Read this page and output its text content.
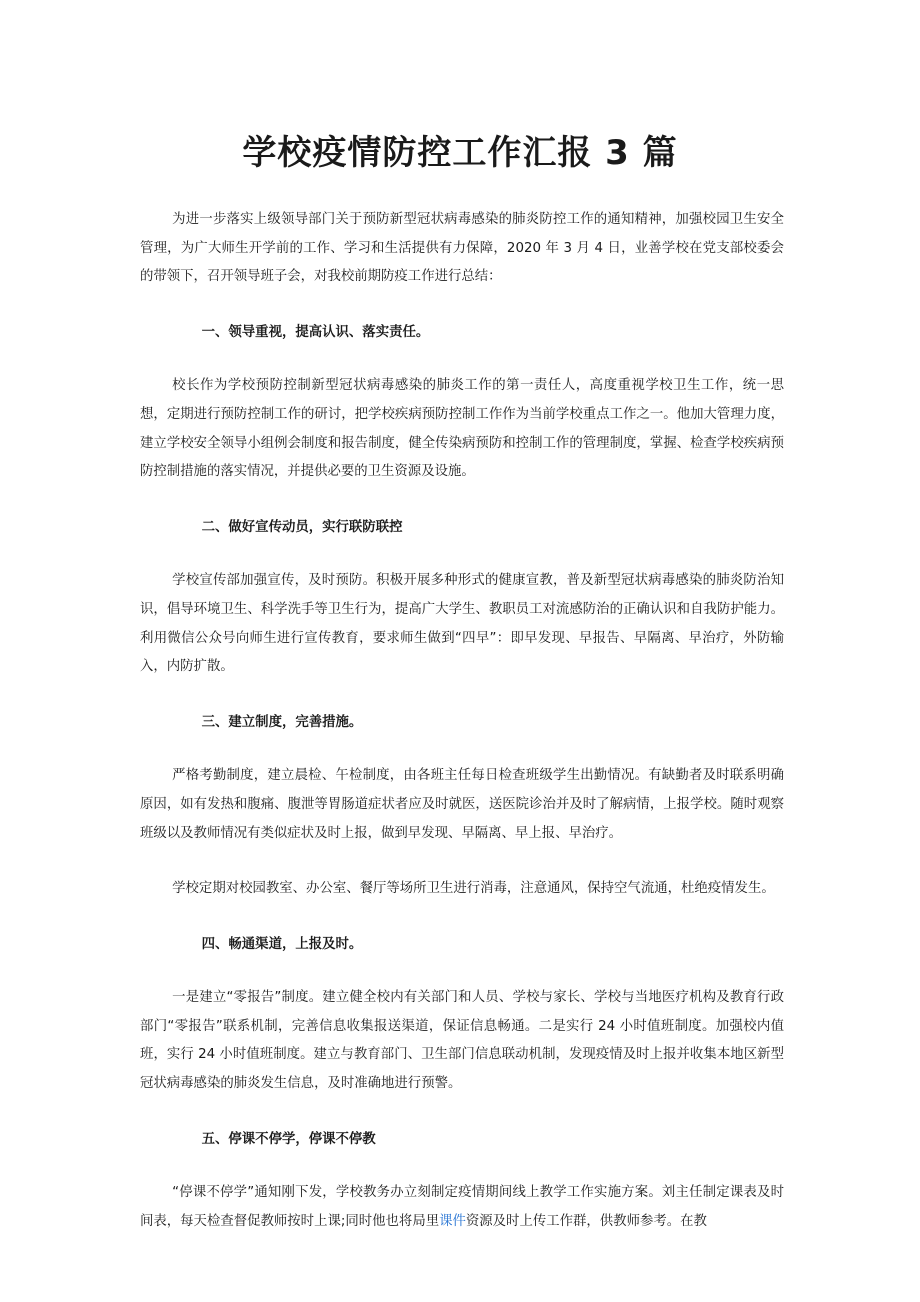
学校疫情防控工作汇报 3 篇

为进一步落实上级领导部门关于预防新型冠状病毒感染的肺炎防控工作的通知精神，加强校园卫生安全管理，为广大师生开学前的工作、学习和生活提供有力保障，2020 年 3 月 4 日，业善学校在党支部校委会的带领下，召开领导班子会，对我校前期防疫工作进行总结：

一、领导重视，提高认识、落实责任。

校长作为学校预防控制新型冠状病毒感染的肺炎工作的第一责任人，高度重视学校卫生工作，统一思想，定期进行预防控制工作的研讨，把学校疾病预防控制工作作为当前学校重点工作之一。他加大管理力度，建立学校安全领导小组例会制度和报告制度，健全传染病预防和控制工作的管理制度，掌握、检查学校疾病预防控制措施的落实情况，并提供必要的卫生资源及设施。

二、做好宣传动员，实行联防联控

学校宣传部加强宣传，及时预防。积极开展多种形式的健康宣教，普及新型冠状病毒感染的肺炎防治知识，倡导环境卫生、科学洗手等卫生行为，提高广大学生、教职员工对流感防治的正确认识和自我防护能力。利用微信公众号向师生进行宣传教育，要求师生做到“四早”：即早发现、早报告、早隔离、早治疗，外防输入，内防扩散。

三、建立制度，完善措施。

严格考勤制度，建立晨检、午检制度，由各班主任每日检查班级学生出勤情况。有缺勤者及时联系明确原因，如有发热和腹痛、腹泄等胃肠道症状者应及时就医，送医院诊治并及时了解病情，上报学校。随时观察班级以及教师情况有类似症状及时上报，做到早发现、早隔离、早上报、早治疗。

学校定期对校园教室、办公室、餐厅等场所卫生进行消毒，注意通风，保持空气流通，杜绝疫情发生。

四、畅通渠道，上报及时。

一是建立“零报告”制度。建立健全校内有关部门和人员、学校与家长、学校与当地医疗机构及教育行政部门“零报告”联系机制，完善信息收集报送渠道，保证信息畅通。二是实行 24 小时值班制度。加强校内值班，实行 24 小时值班制度。建立与教育部门、卫生部门信息联动机制，发现疫情及时上报并收集本地区新型冠状病毒感染的肺炎发生信息，及时准确地进行预警。

五、停课不停学，停课不停教

“停课不停学”通知刚下发，学校教务办立刻制定疫情期间线上教学工作实施方案。刘主任制定课表及时间表，每天检查督促教师按时上课;同时他也将局里课件资源及时上传工作群，供教师参考。在教
